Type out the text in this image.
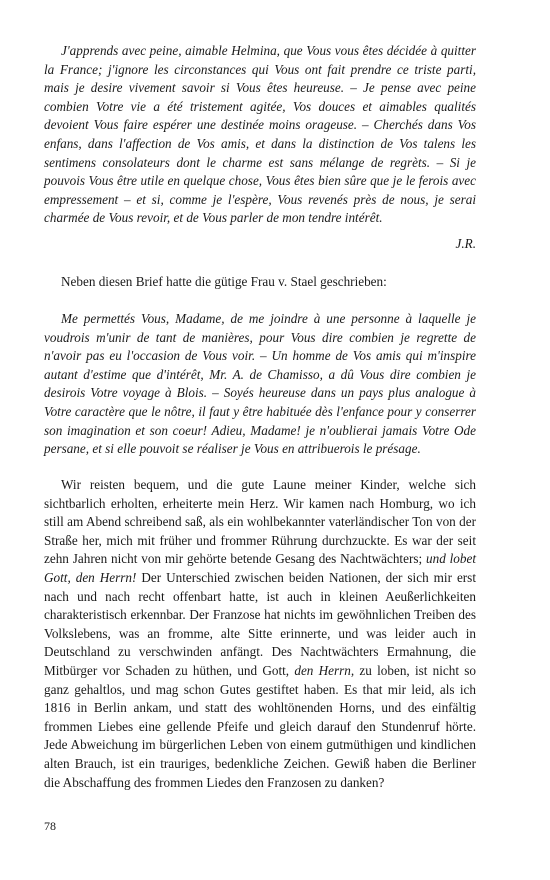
J'apprends avec peine, aimable Helmina, que Vous vous êtes décidée à quitter la France; j'ignore les circonstances qui Vous ont fait prendre ce triste parti, mais je desire vivement savoir si Vous êtes heureuse. – Je pense avec peine combien Votre vie a été tristement agitée, Vos douces et aimables qualités devoient Vous faire espérer une destinée moins orageuse. – Cherchés dans Vos enfans, dans l'affection de Vos amis, et dans la distinction de Vos talens les sentimens consolateurs dont le charme est sans mélange de regrèts. – Si je pouvois Vous être utile en quelque chose, Vous êtes bien sûre que je le ferois avec empressement – et si, comme je l'espère, Vous revenés près de nous, je serai charmée de Vous revoir, et de Vous parler de mon tendre intérêt.

J.R.

Neben diesen Brief hatte die gütige Frau v. Stael geschrieben:

Me permettés Vous, Madame, de me joindre à une personne à laquelle je voudrois m'unir de tant de manières, pour Vous dire combien je regrette de n'avoir pas eu l'occasion de Vous voir. – Un homme de Vos amis qui m'inspire autant d'estime que d'intérêt, Mr. A. de Chamisso, a dû Vous dire combien je desirois Votre voyage à Blois. – Soyés heureuse dans un pays plus analogue à Votre caractère que le nôtre, il faut y être habituée dès l'enfance pour y conserrer son imagination et son coeur! Adieu, Madame! je n'oublierai jamais Votre Ode persane, et si elle pouvoit se réaliser je Vous en attribuerois le présage.

Wir reisten bequem, und die gute Laune meiner Kinder, welche sich sichtbarlich erholten, erheiterte mein Herz. Wir kamen nach Homburg, wo ich still am Abend schreibend saß, als ein wohlbekannter vaterländischer Ton von der Straße her, mich mit früher und frommer Rührung durchzuckte. Es war der seit zehn Jahren nicht von mir gehörte betende Gesang des Nachtwächters; und lobet Gott, den Herrn! Der Unterschied zwischen beiden Nationen, der sich mir erst nach und nach recht offenbart hatte, ist auch in kleinen Aeußerlichkeiten charakteristisch erkennbar. Der Franzose hat nichts im gewöhnlichen Treiben des Volkslebens, was an fromme, alte Sitte erinnerte, und was leider auch in Deutschland zu verschwinden anfängt. Des Nachtwächters Ermahnung, die Mitbürger vor Schaden zu hüthen, und Gott, den Herrn, zu loben, ist nicht so ganz gehaltlos, und mag schon Gutes gestiftet haben. Es that mir leid, als ich 1816 in Berlin ankam, und statt des wohltönenden Horns, und des einfältig frommen Liebes eine gellende Pfeife und gleich darauf den Stundenruf hörte. Jede Abweichung im bürgerlichen Leben von einem gutmüthigen und kindlichen alten Brauch, ist ein trauriges, bedenkliche Zeichen. Gewiß haben die Berliner die Abschaffung des frommen Liedes den Franzosen zu danken?

78
